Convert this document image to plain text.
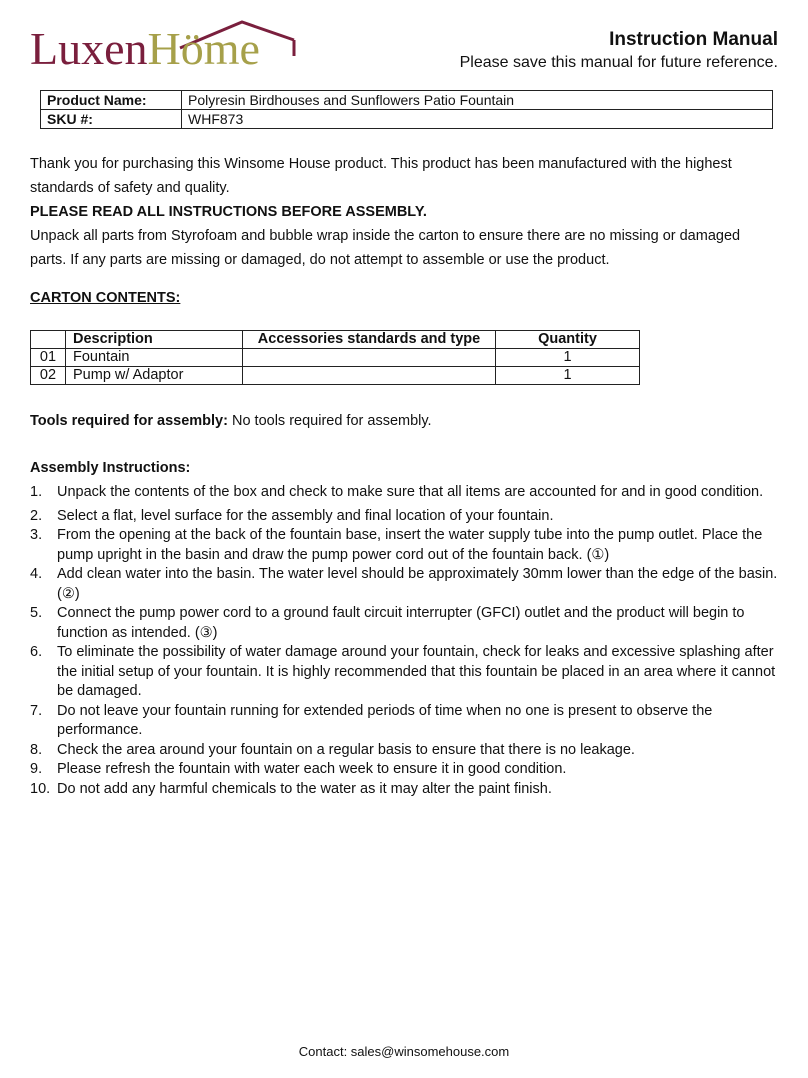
LuxenHöme	Instruction Manual
Please save this manual for future reference.
Product Name:	Polyresin Birdhouses and Sunflowers Patio Fountain
SKU #:	WHF873
Thank you for purchasing this Winsome House product. This product has been manufactured with the highest standards of safety and quality.
PLEASE READ ALL INSTRUCTIONS BEFORE ASSEMBLY.
Unpack all parts from Styrofoam and bubble wrap inside the carton to ensure there are no missing or damaged parts. If any parts are missing or damaged, do not attempt to assemble or use the product.
CARTON CONTENTS:
	Description	Accessories standards and type	Quantity
01	Fountain		1
02	Pump w/ Adaptor		1
Tools required for assembly: No tools required for assembly.
Assembly Instructions:
1. Unpack the contents of the box and check to make sure that all items are accounted for and in good condition.
2. Select a flat, level surface for the assembly and final location of your fountain.
3. From the opening at the back of the fountain base, insert the water supply tube into the pump outlet. Place the pump upright in the basin and draw the pump power cord out of the fountain back. (①)
4. Add clean water into the basin. The water level should be approximately 30mm lower than the edge of the basin. (②)
5. Connect the pump power cord to a ground fault circuit interrupter (GFCI) outlet and the product will begin to function as intended. (③)
6. To eliminate the possibility of water damage around your fountain, check for leaks and excessive splashing after the initial setup of your fountain. It is highly recommended that this fountain be placed in an area where it cannot be damaged.
7. Do not leave your fountain running for extended periods of time when no one is present to observe the performance.
8. Check the area around your fountain on a regular basis to ensure that there is no leakage.
9. Please refresh the fountain with water each week to ensure it in good condition.
10. Do not add any harmful chemicals to the water as it may alter the paint finish.
Contact: sales@winsomehouse.com
